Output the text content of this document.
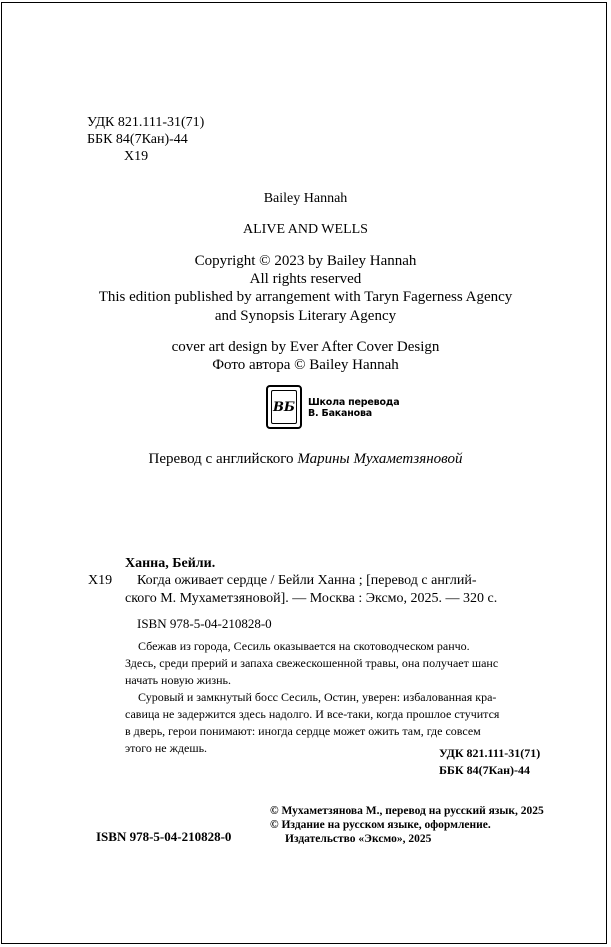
УДК 821.111-31(71)
ББК 84(7Кан)-44
Х19
Bailey Hannah
ALIVE AND WELLS
Copyright © 2023 by Bailey Hannah
All rights reserved
This edition published by arrangement with Taryn Fagerness Agency
and Synopsis Literary Agency
cover art design by Ever After Cover Design
Фото автора © Bailey Hannah
ВБ Школа перевода
В. Баканова
Перевод с английского Марины Мухаметзяновой
Ханна, Бейли.
Х19 Когда оживает сердце / Бейли Ханна ; [перевод с англий-
ского М. Мухаметзяновой]. — Москва : Эксмо, 2025. — 320 с.
ISBN 978-5-04-210828-0
Сбежав из города, Сесиль оказывается на скотоводческом ранчо.
Здесь, среди прерий и запаха свежескошенной травы, она получает шанс
начать новую жизнь.
Суровый и замкнутый босс Сесиль, Остин, уверен: избалованная кра-
савица не задержится здесь надолго. И все-таки, когда прошлое стучится
в дверь, герои понимают: иногда сердце может ожить там, где совсем
этого не ждешь.	УДК 821.111-31(71)
ББК 84(7Кан)-44
© Мухаметзянова М., перевод на русский язык, 2025
© Издание на русском языке, оформление.
Издательство «Эксмо», 2025
ISBN 978-5-04-210828-0
